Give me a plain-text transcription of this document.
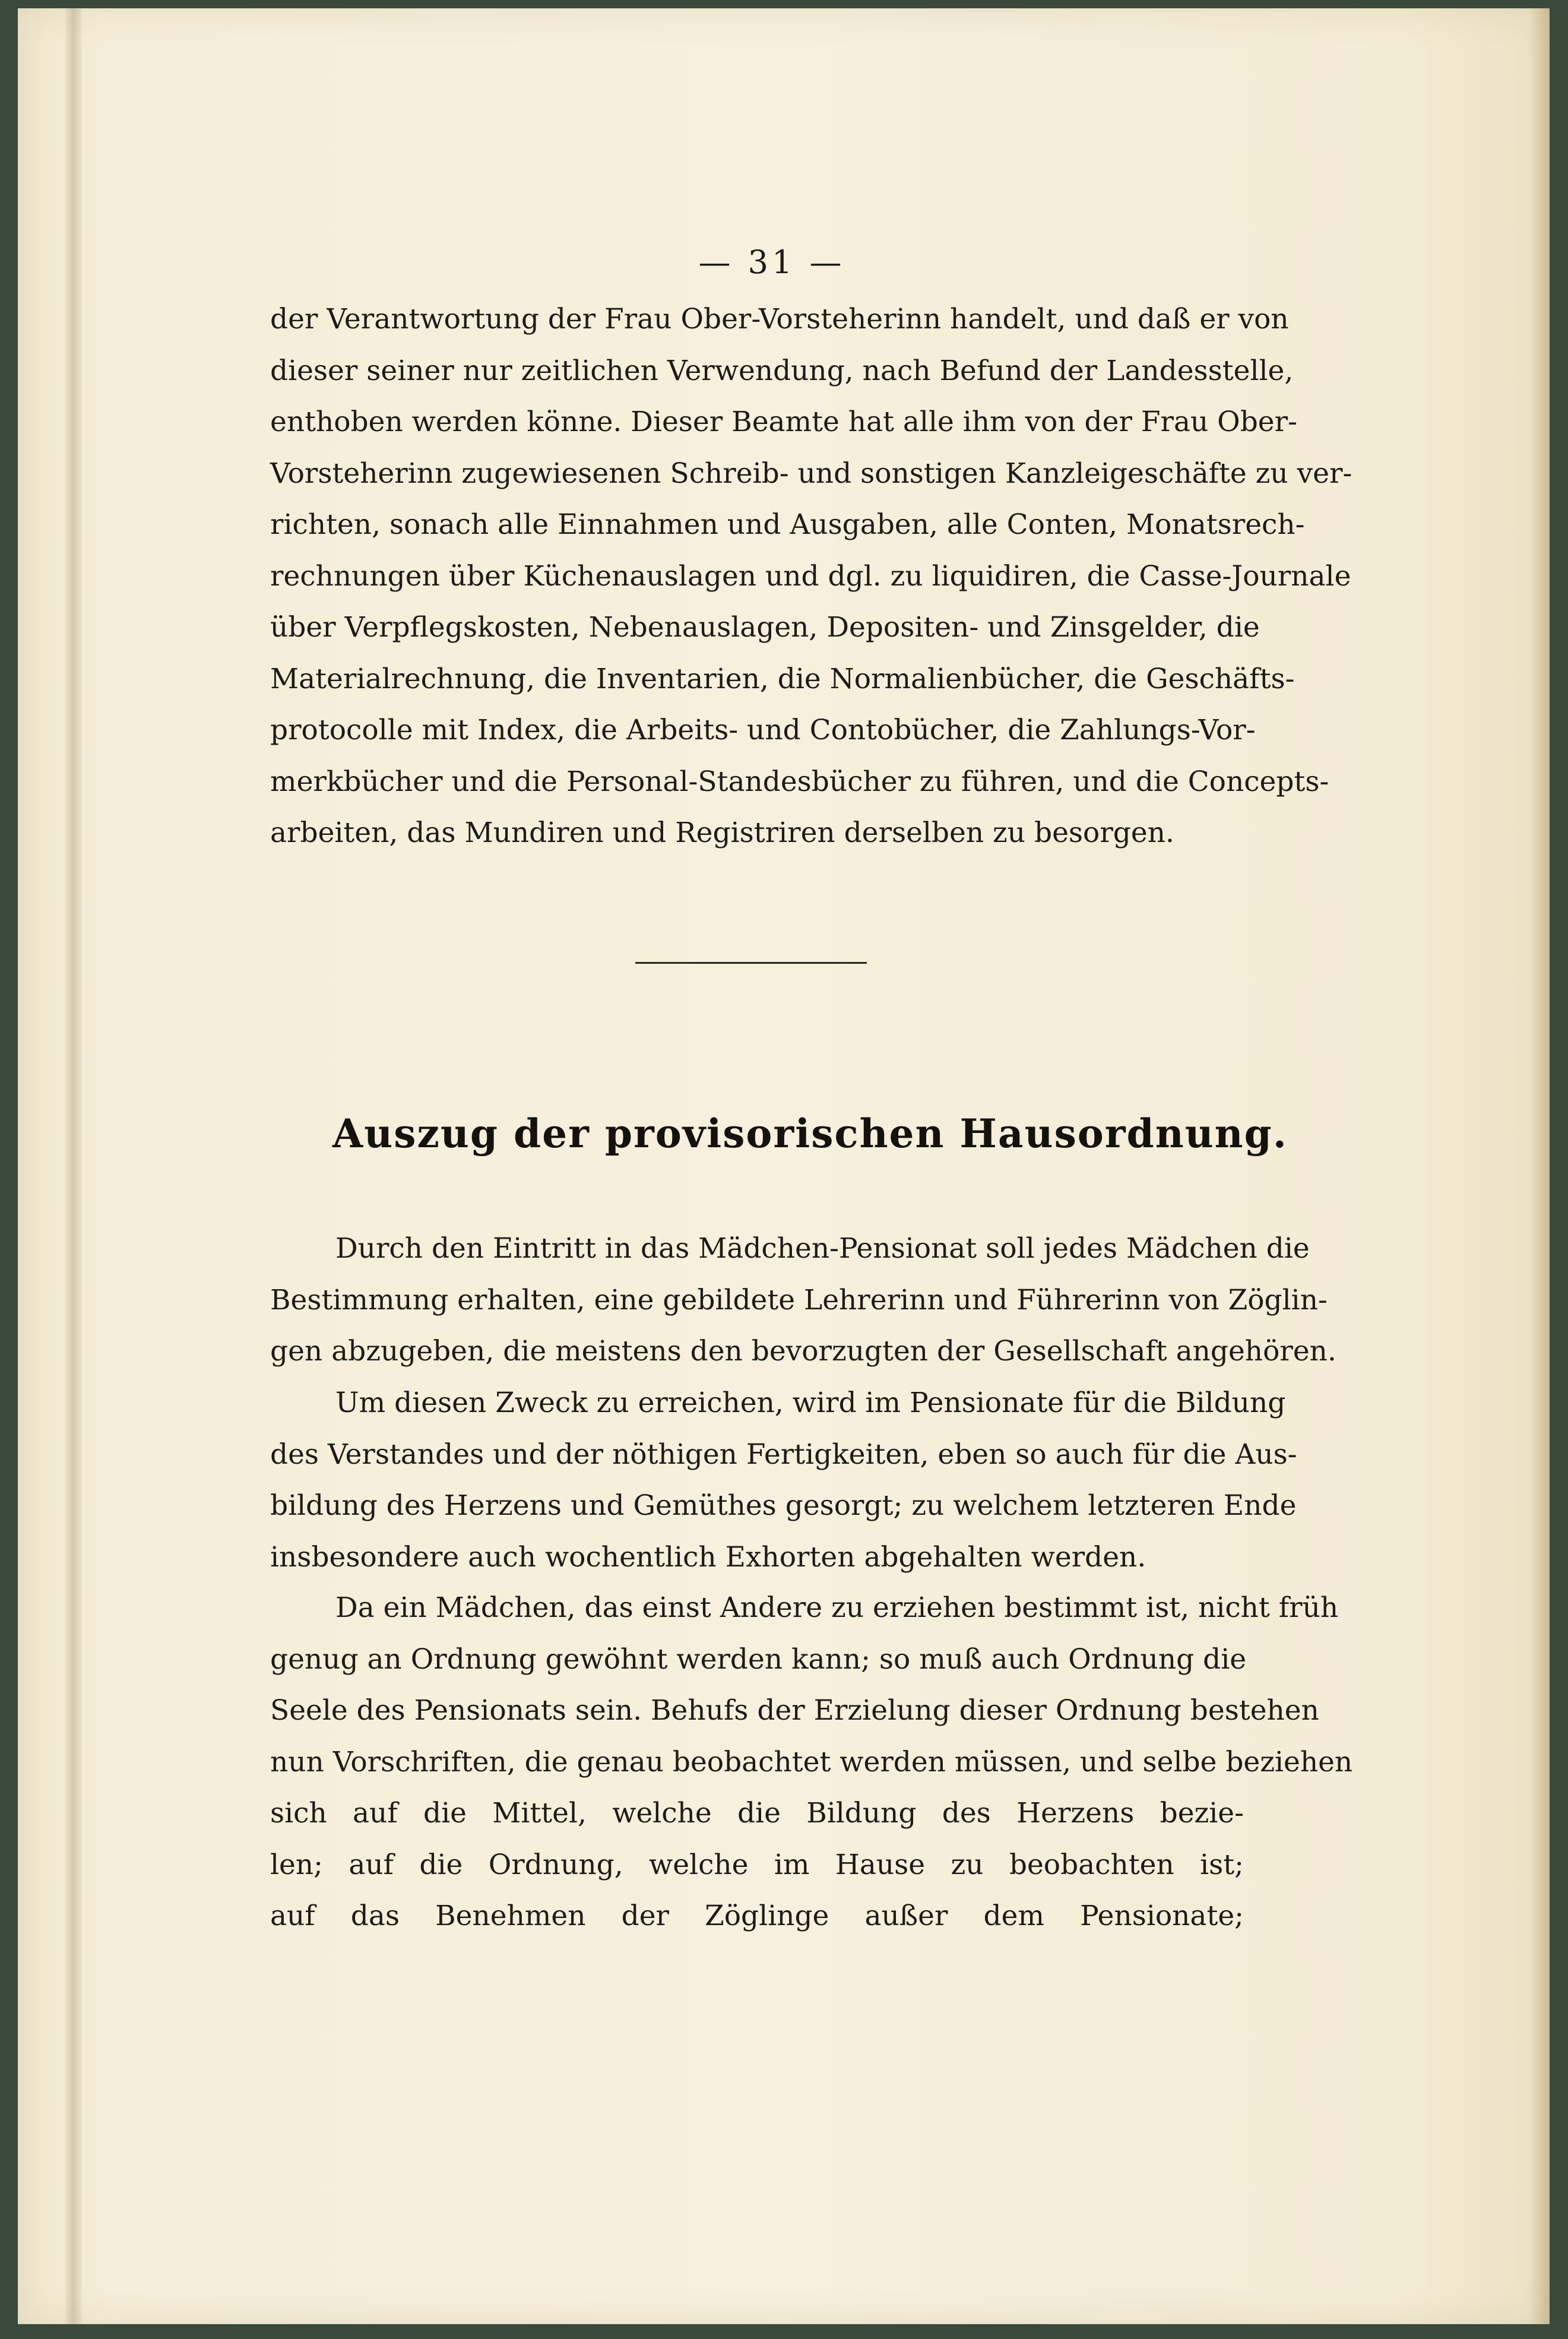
— 31 —
der Verantwortung der Frau Ober-Vorsteherinn handelt, und daß er von
dieser seiner nur zeitlichen Verwendung, nach Befund der Landesstelle,
enthoben werden könne. Dieser Beamte hat alle ihm von der Frau Ober-
Vorsteherinn zugewiesenen Schreib- und sonstigen Kanzleigeschäfte zu ver-
richten, sonach alle Einnahmen und Ausgaben, alle Conten, Monatsrech-
rechnungen über Küchenauslagen und dgl. zu liquidiren, die Casse-Journale
über Verpflegskosten, Nebenauslagen, Depositen- und Zinsgelder, die
Materialrechnung, die Inventarien, die Normalienbücher, die Geschäfts-
protocolle mit Index, die Arbeits- und Contobücher, die Zahlungs-Vor-
merkbücher und die Personal-Standesbücher zu führen, und die Concepts-
arbeiten, das Mundiren und Registriren derselben zu besorgen.
Auszug der provisorischen Hausordnung.
Durch den Eintritt in das Mädchen-Pensionat soll jedes Mädchen die
Bestimmung erhalten, eine gebildete Lehrerinn und Führerinn von Zöglin-
gen abzugeben, die meistens den bevorzugten der Gesellschaft angehören.
Um diesen Zweck zu erreichen, wird im Pensionate für die Bildung
des Verstandes und der nöthigen Fertigkeiten, eben so auch für die Aus-
bildung des Herzens und Gemüthes gesorgt; zu welchem letzteren Ende
insbesondere auch wochentlich Exhorten abgehalten werden.
Da ein Mädchen, das einst Andere zu erziehen bestimmt ist, nicht früh
genug an Ordnung gewöhnt werden kann; so muß auch Ordnung die
Seele des Pensionats sein. Behufs der Erzielung dieser Ordnung bestehen
nun Vorschriften, die genau beobachtet werden müssen, und selbe beziehen
sich auf die Mittel, welche die Bildung des Herzens bezie-
len; auf die Ordnung, welche im Hause zu beobachten ist;
auf das Benehmen der Zöglinge außer dem Pensionate;
